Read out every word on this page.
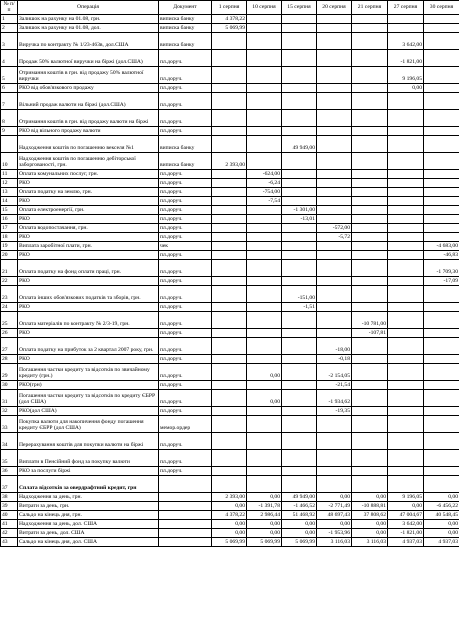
№ п/п	Операція	Документ	1 серпня	10 серпня	15 серпня	20 серпня	21 серпня	27 серпня	30 серпня
1	Залишок на рахунку на 01.08, грн.	виписка банку	4 378,22						
2	Залишок на рахунку на 01.08, дол.	виписка банку	5 069,99						
3	Виручка по контракту № 1/23-463в, дол.США	виписка банку						3 642,00	
4	Продаж 50% валютної виручки на біржі (дол.США)	пл.доруч.						-1 821,00	
5	Отримання коштів в грн. від продажу 50% валютної виручки	пл.доруч.						9 196,05	
6	РКО від обов'язкового продажу	пл.доруч.						0,00	
7	Вільний продаж валюти на біржі (дол.США)	пл.доруч.							
8	Отримання коштів в грн. від продажу валюти на біржі	пл.доруч.							
9	РКО від вільного продажу валюти	пл.доруч.							
	Надходження коштів по погашенню векселя №1	виписка банку			49 949,00				
10	Надходження коштів по погашенню дебіторської заборгованості, грн.	виписка банку	2 393,00						
11	Оплата комунальних послуг, грн.	пл.доруч.		-624,00					
12	РКО	пл.доруч.		-6,24					
13	Оплата податку на землю, грн.	пл.доруч.		-754,00					
14	РКО	пл.доруч.		-7,54					
15	Оплата електроенергії, грн.	пл.доруч.			-1 301,00				
16	РКО	пл.доруч.			-13,01				
17	Оплата водопостачання, грн.	пл.доруч.				-572,00			
18	РКО	пл.доруч.				-5,72			
19	Виплата заробітної плати, грн.	чек							-4 683,00
20	РКО	пл.доруч.							-46,83
21	Оплата податку на фонд оплати праці, грн.	пл.доруч.							-1 709,30
22	РКО	пл.доруч.							-17,09
23	Оплата інших обов'язкових податків та зборів, грн.	пл.доруч.			-151,00				
24	РКО	пл.доруч.			-1,51				
25	Оплата матеріалів по контракту № 2/3-19, грн.	пл.доруч.					-10 781,00		
26	РКО	пл.доруч.					-107,81		
27	Оплата податку на прибуток за 2 квартал 2007 року, грн.	пл.доруч.				-18,00			
28	РКО	пл.доруч.				-0,18			
29	Погашення частки кредиту та відсотків по звичайному кредиту (грн.)	пл.доруч.		0,00		-2 154,05			
30	РКО(грн)	пл.доруч.				-21,54			
31	Погашення частки кредиту та відсотків по кредиту ЄБРР (дол США)	пл.доруч.		0,00		-1 934,62			
32	РКО(дол США)	пл.доруч.				-19,35			
33	Покупка валюти для накопичення фонду погашення кредиту ЄБРР (дол США)	мемор.ордер							
34	Перерахування коштів для покупки валюти на біржі	пл.доруч.							
35	Виплати в Пенсійний фонд за покупку валюти	пл.доруч.							
36	РКО за послуги біржі	пл.доруч.							
37	Сплата відсотків за овердрафтний кредит, грн								
38	Надходження за день, грн.		2 393,00	0,00	49 949,00	0,00	0,00	9 196,05	0,00
39	Витрати за день, грн.		0,00	-1 391,78	-1 466,52	-2 771,49	-10 888,81	0,00	-6 456,22
40	Сальдо на кінець дня, грн.		4 378,22	2 986,44	51 468,92	48 697,43	37 808,62	47 004,67	40 548,45
41	Надходження за день, дол. США		0,00	0,00	0,00	0,00	0,00	3 642,00	0,00
42	Витрати за день, дол. США		0,00	0,00	0,00	-1 953,96	0,00	-1 821,00	0,00
43	Сальдо на кінець дня, дол. США		5 069,99	5 069,99	5 069,99	3 116,03	3 116,03	4 937,03	4 937,03
